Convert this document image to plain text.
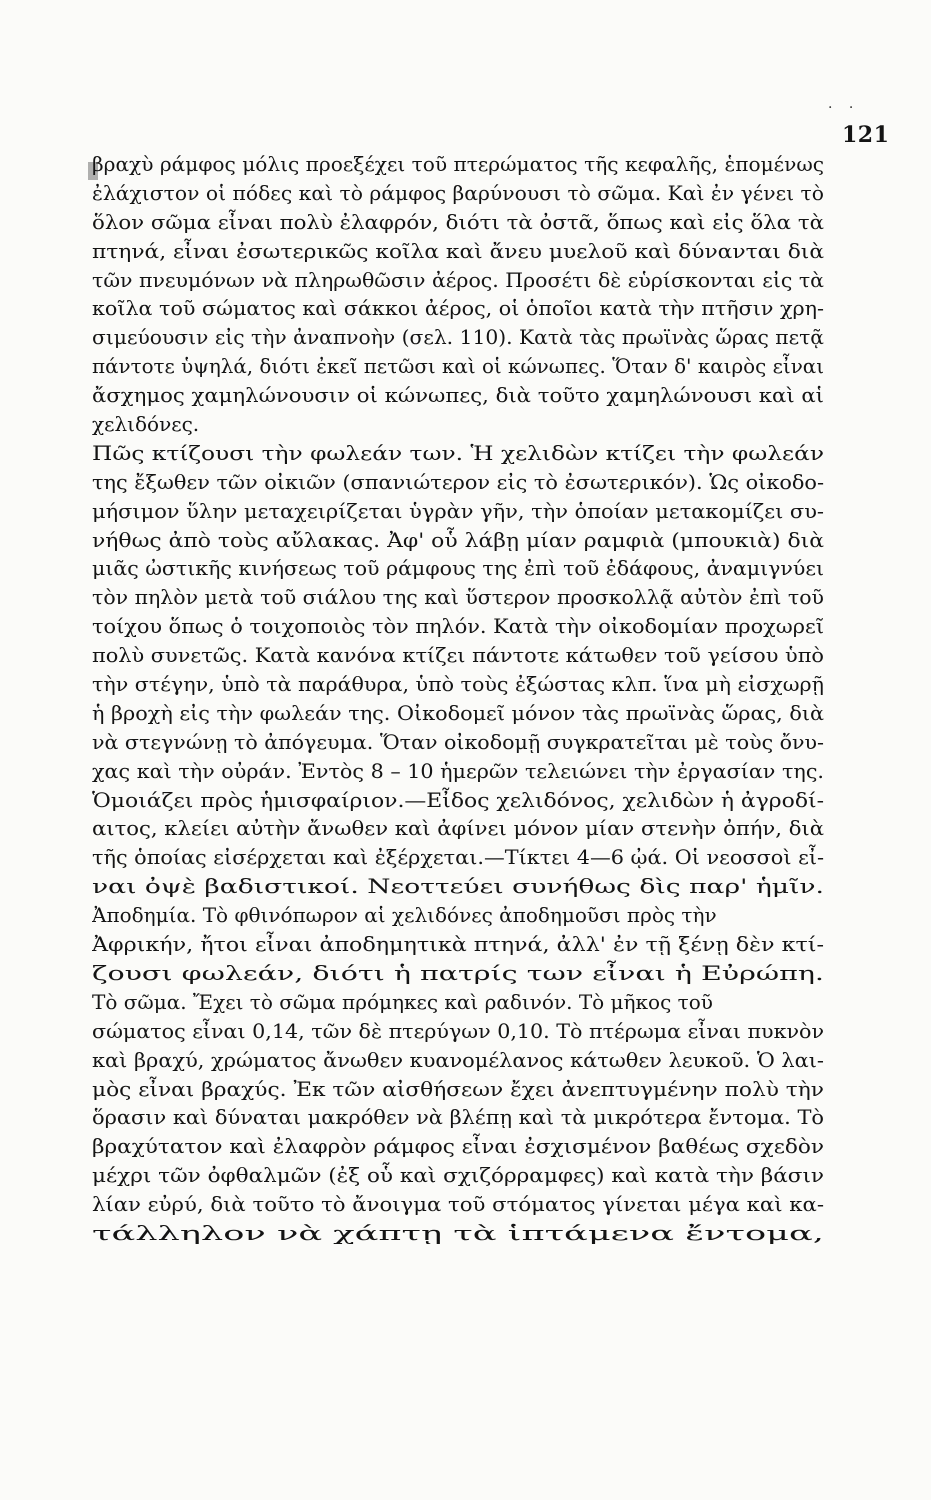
· ·
121
βραχὺ ράμφος μόλις προεξέχει τοῦ πτερώματος τῆς κεφαλῆς, ἑπομένως
ἐλάχιστον οἱ πόδες καὶ τὸ ράμφος βαρύνουσι τὸ σῶμα. Καὶ ἐν γένει τὸ
ὅλον σῶμα εἶναι πολὺ ἐλαφρόν, διότι τὰ ὀστᾶ, ὅπως καὶ εἰς ὅλα τὰ
πτηνά, εἶναι ἐσωτερικῶς κοῖλα καὶ ἄνευ μυελοῦ καὶ δύνανται διὰ
τῶν πνευμόνων νὰ πληρωθῶσιν ἀέρος. Προσέτι δὲ εὑρίσκονται εἰς τὰ
κοῖλα τοῦ σώματος καὶ σάκκοι ἀέρος, οἱ ὁποῖοι κατὰ τὴν πτῆσιν χρη-
σιμεύουσιν εἰς τὴν ἀναπνοὴν (σελ. 110). Κατὰ τὰς πρωϊνὰς ὥρας πετᾷ
πάντοτε ὑψηλά, διότι ἐκεῖ πετῶσι καὶ οἱ κώνωπες. Ὅταν δ' καιρὸς εἶναι
ἄσχημος χαμηλώνουσιν οἱ κώνωπες, διὰ τοῦτο χαμηλώνουσι καὶ αἱ
χελιδόνες.
Πῶς κτίζουσι τὴν φωλεάν των. Ἡ χελιδὼν κτίζει τὴν φωλεάν
της ἔξωθεν τῶν οἰκιῶν (σπανιώτερον εἰς τὸ ἐσωτερικόν). Ὡς οἰκοδο-
μήσιμον ὕλην μεταχειρίζεται ὑγρὰν γῆν, τὴν ὁποίαν μετακομίζει συ-
νήθως ἀπὸ τοὺς αὔλακας. Ἀφ' οὗ λάβῃ μίαν ραμφιὰ (μπουκιὰ) διὰ
μιᾶς ὠστικῆς κινήσεως τοῦ ράμφους της ἐπὶ τοῦ ἐδάφους, ἀναμιγνύει
τὸν πηλὸν μετὰ τοῦ σιάλου της καὶ ὕστερον προσκολλᾷ αὐτὸν ἐπὶ τοῦ
τοίχου ὅπως ὁ τοιχοποιὸς τὸν πηλόν. Κατὰ τὴν οἰκοδομίαν προχωρεῖ
πολὺ συνετῶς. Κατὰ κανόνα κτίζει πάντοτε κάτωθεν τοῦ γείσου ὑπὸ
τὴν στέγην, ὑπὸ τὰ παράθυρα, ὑπὸ τοὺς ἐξώστας κλπ. ἵνα μὴ εἰσχωρῇ
ἡ βροχὴ εἰς τὴν φωλεάν της. Οἰκοδομεῖ μόνον τὰς πρωϊνὰς ὥρας, διὰ
νὰ στεγνώνῃ τὸ ἀπόγευμα. Ὅταν οἰκοδομῇ συγκρατεῖται μὲ τοὺς ὄνυ-
χας καὶ τὴν οὐράν. Ἐντὸς 8 – 10 ἡμερῶν τελειώνει τὴν ἐργασίαν της.
Ὁμοιάζει πρὸς ἡμισφαίριον.—Εἶδος χελιδόνος, χελιδὼν ἡ ἀγροδί-
αιτος, κλείει αὐτὴν ἄνωθεν καὶ ἀφίνει μόνον μίαν στενὴν ὀπήν, διὰ
τῆς ὁποίας εἰσέρχεται καὶ ἐξέρχεται.—Τίκτει 4—6 ᾠά. Οἱ νεοσσοὶ εἶ-
ναι ὀψὲ βαδιστικοί. Νεοττεύει συνήθως δὶς παρ' ἡμῖν.
Ἀποδημία. Τὸ φθινόπωρον αἱ χελιδόνες ἀποδημοῦσι πρὸς τὴν
Ἀφρικήν, ἤτοι εἶναι ἀποδημητικὰ πτηνά, ἀλλ' ἐν τῇ ξένῃ δὲν κτί-
ζουσι φωλεάν, διότι ἡ πατρίς των εἶναι ἡ Εὐρώπη.
Τὸ σῶμα. Ἔχει τὸ σῶμα πρόμηκες καὶ ραδινόν. Τὸ μῆκος τοῦ
σώματος εἶναι 0,14, τῶν δὲ πτερύγων 0,10. Τὸ πτέρωμα εἶναι πυκνὸν
καὶ βραχύ, χρώματος ἄνωθεν κυανομέλανος κάτωθεν λευκοῦ. Ὁ λαι-
μὸς εἶναι βραχύς. Ἐκ τῶν αἰσθήσεων ἔχει ἀνεπτυγμένην πολὺ τὴν
ὅρασιν καὶ δύναται μακρόθεν νὰ βλέπῃ καὶ τὰ μικρότερα ἔντομα. Τὸ
βραχύτατον καὶ ἐλαφρὸν ράμφος εἶναι ἐσχισμένον βαθέως σχεδὸν
μέχρι τῶν ὀφθαλμῶν (ἐξ οὗ καὶ σχιζόρραμφες) καὶ κατὰ τὴν βάσιν
λίαν εὐρύ, διὰ τοῦτο τὸ ἄνοιγμα τοῦ στόματος γίνεται μέγα καὶ κα-
τάλληλον νὰ χάπτῃ τὰ ἱπτάμενα ἔντομα,
